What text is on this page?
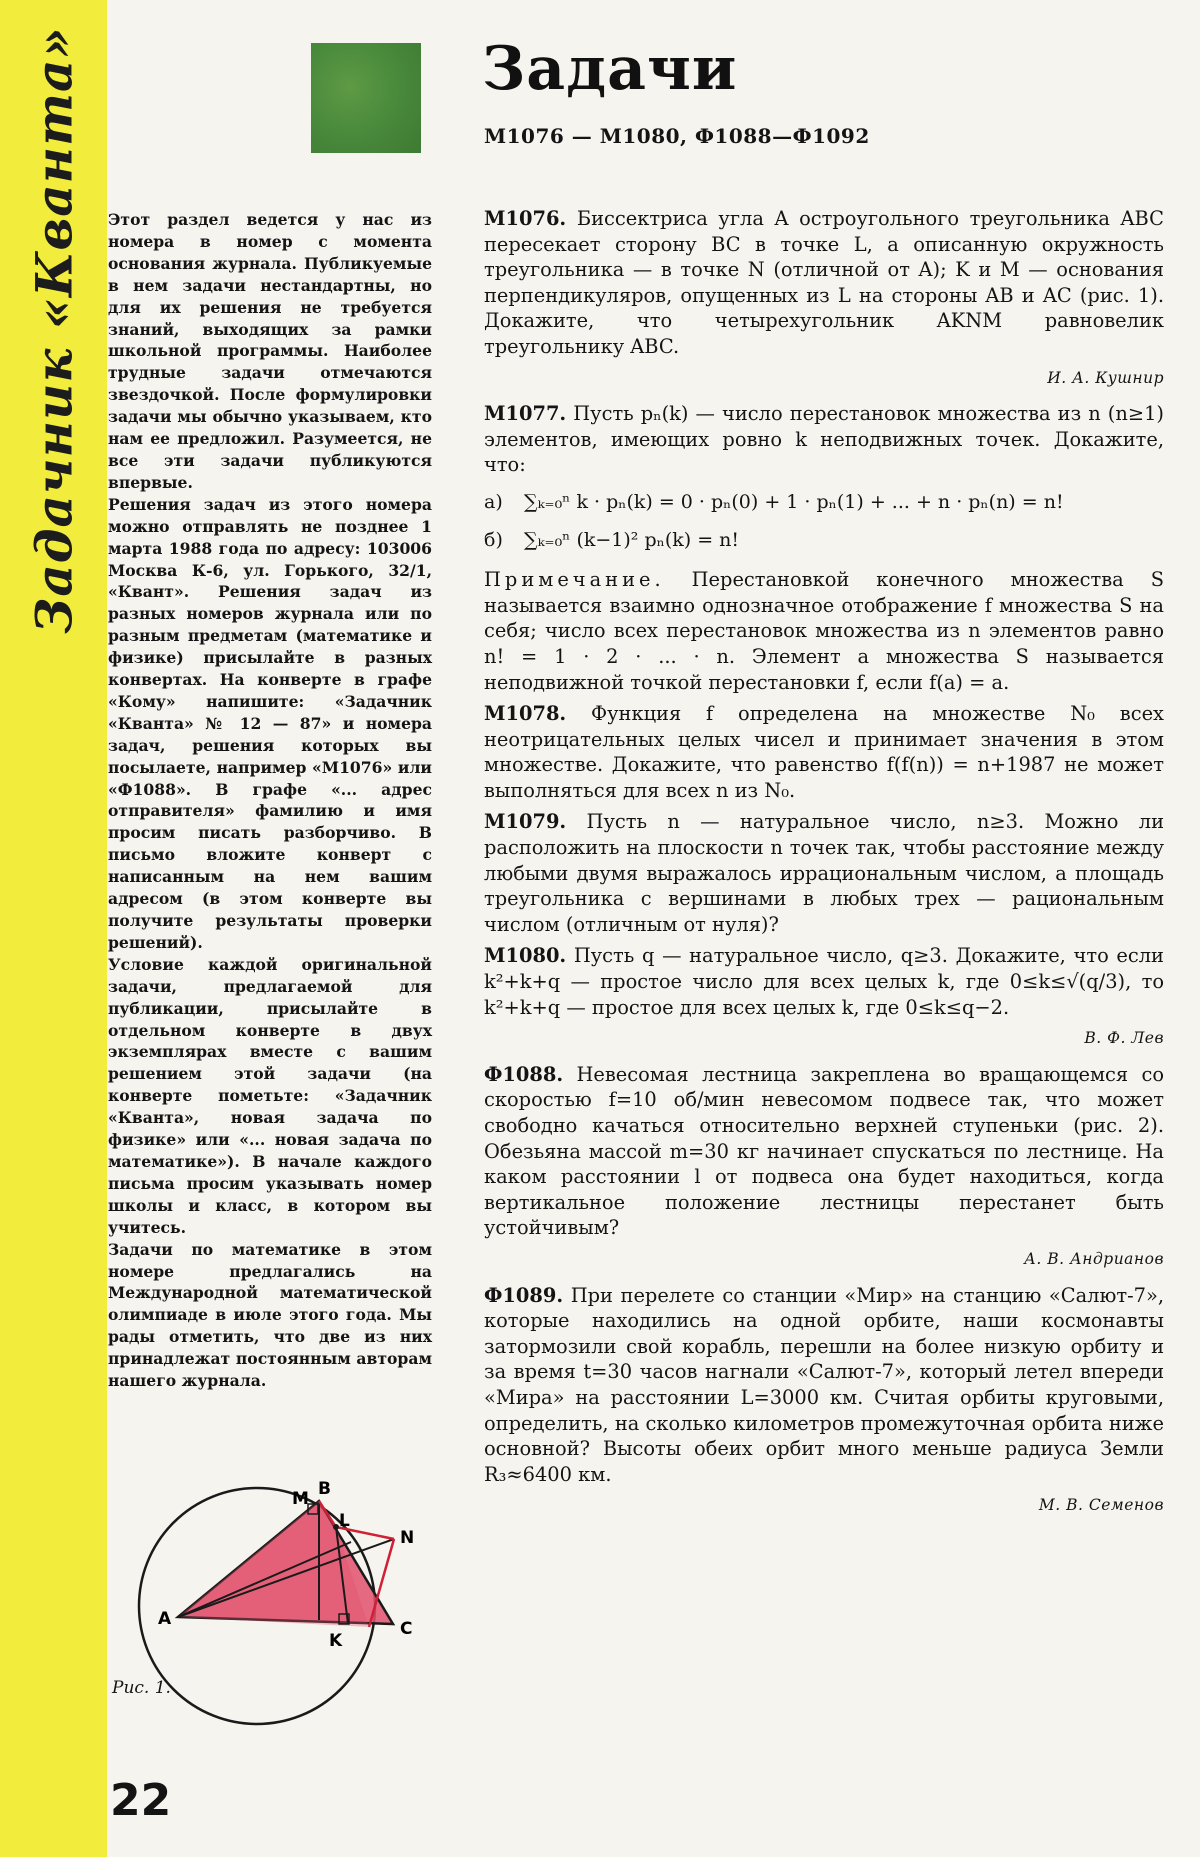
Задачник «Кванта»	Задачи
М1076 — М1080, Ф1088—Ф1092

Этот раздел ведется у нас из номера в номер с момента основания журнала. Публикуемые в нем задачи нестандартны, но для их решения не требуется знаний, выходящих за рамки школьной программы. Наиболее трудные задачи отмечаются звездочкой. После формулировки задачи мы обычно указываем, кто нам ее предложил. Разумеется, не все эти задачи публикуются впервые.

Решения задач из этого номера можно отправлять не позднее 1 марта 1988 года по адресу: 103006 Москва К-6, ул. Горького, 32/1, «Квант». Решения задач из разных номеров журнала или по разным предметам (математике и физике) присылайте в разных конвертах. На конверте в графе «Кому» напишите: «Задачник «Кванта» № 12 — 87» и номера задач, решения которых вы посылаете, например «М1076» или «Ф1088». В графе «... адрес отправителя» фамилию и имя просим писать разборчиво. В письмо вложите конверт с написанным на нем вашим адресом (в этом конверте вы получите результаты проверки решений).

Условие каждой оригинальной задачи, предлагаемой для публикации, присылайте в отдельном конверте в двух экземплярах вместе с вашим решением этой задачи (на конверте пометьте: «Задачник «Кванта», новая задача по физике» или «... новая задача по математике»). В начале каждого письма просим указывать номер школы и класс, в котором вы учитесь.

Задачи по математике в этом номере предлагались на Международной математической олимпиаде в июле этого года. Мы рады отметить, что две из них принадлежат постоянным авторам нашего журнала.

A
B
C
M
L
N
K
Рис. 1.
22
М1076. Биссектриса угла A остроугольного треугольника ABC пересекает сторону BC в точке L, а описанную окружность треугольника — в точке N (отличной от A); K и M — основания перпендикуляров, опущенных из L на стороны AB и AC (рис. 1). Докажите, что четырехугольник AKNM равновелик треугольнику ABC.
И. А. Кушнир
М1077. Пусть pₙ(k) — число перестановок множества из n (n≥1) элементов, имеющих ровно k неподвижных точек. Докажите, что:
а) ∑ₖ₌₀ⁿ k · pₙ(k) = 0 · pₙ(0) + 1 · pₙ(1) + ... + n · pₙ(n) = n!
б) ∑ₖ₌₀ⁿ (k−1)² pₙ(k) = n!
Примечание. Перестановкой конечного множества S называется взаимно однозначное отображение f множества S на себя; число всех перестановок множества из n элементов равно n! = 1 · 2 · ... · n. Элемент a множества S называется неподвижной точкой перестановки f, если f(a) = a.
М1078. Функция f определена на множестве N₀ всех неотрицательных целых чисел и принимает значения в этом множестве. Докажите, что равенство f(f(n)) = n+1987 не может выполняться для всех n из N₀.
М1079. Пусть n — натуральное число, n≥3. Можно ли расположить на плоскости n точек так, чтобы расстояние между любыми двумя выражалось иррациональным числом, а площадь треугольника с вершинами в любых трех — рациональным числом (отличным от нуля)?
М1080. Пусть q — натуральное число, q≥3. Докажите, что если k²+k+q — простое число для всех целых k, где 0≤k≤√(q/3), то k²+k+q — простое для всех целых k, где 0≤k≤q−2.
В. Ф. Лев
Ф1088. Невесомая лестница закреплена во вращающемся со скоростью f=10 об/мин невесомом подвесе так, что может свободно качаться относительно верхней ступеньки (рис. 2). Обезьяна массой m=30 кг начинает спускаться по лестнице. На каком расстоянии l от подвеса она будет находиться, когда вертикальное положение лестницы перестанет быть устойчивым?
А. В. Андрианов
Ф1089. При перелете со станции «Мир» на станцию «Салют-7», которые находились на одной орбите, наши космонавты затормозили свой корабль, перешли на более низкую орбиту и за время t=30 часов нагнали «Салют-7», который летел впереди «Мира» на расстоянии L=3000 км. Считая орбиты круговыми, определить, на сколько километров промежуточная орбита ниже основной? Высоты обеих орбит много меньше радиуса Земли R₃≈6400 км.
М. В. Семенов
